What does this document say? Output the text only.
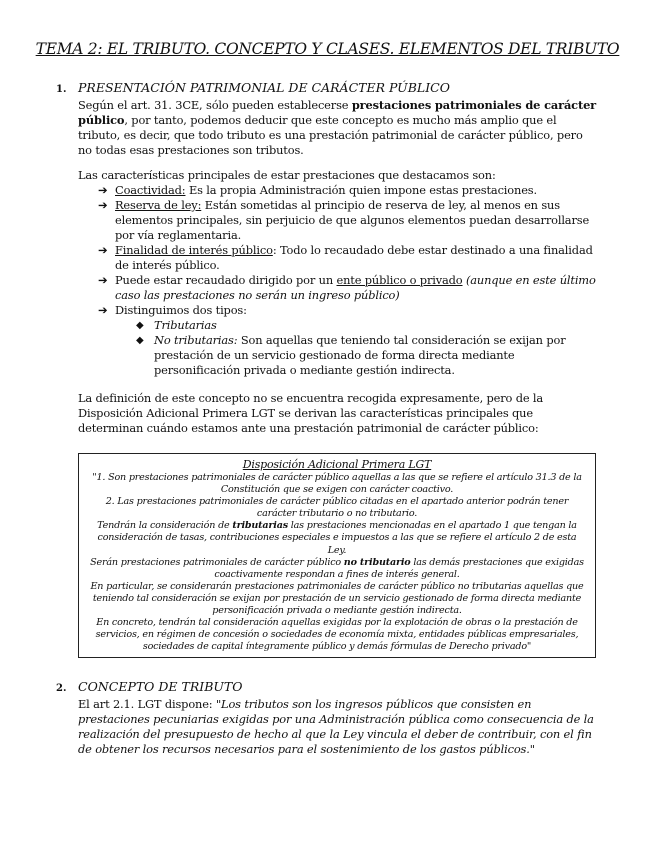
TEMA 2: EL TRIBUTO. CONCEPTO Y CLASES. ELEMENTOS DEL TRIBUTO
1. PRESENTACIÓN PATRIMONIAL DE CARÁCTER PÚBLICO
Según el art. 31. 3CE, sólo pueden establecerse prestaciones patrimoniales de carácter público, por tanto, podemos deducir que este concepto es mucho más amplio que el tributo, es decir, que todo tributo es una prestación patrimonial de carácter público, pero no todas esas prestaciones son tributos.
Las características principales de estar prestaciones que destacamos son:
➔ Coactividad: Es la propia Administración quien impone estas prestaciones.
➔ Reserva de ley: Están sometidas al principio de reserva de ley, al menos en sus elementos principales, sin perjuicio de que algunos elementos puedan desarrollarse por vía reglamentaria.
➔ Finalidad de interés público: Todo lo recaudado debe estar destinado a una finalidad de interés público.
➔ Puede estar recaudado dirigido por un ente público o privado (aunque en este último caso las prestaciones no serán un ingreso público)
➔ Distinguimos dos tipos:
◆ Tributarias
◆ No tributarias: Son aquellas que teniendo tal consideración se exijan por prestación de un servicio gestionado de forma directa mediante personificación privada o mediante gestión indirecta.
La definición de este concepto no se encuentra recogida expresamente, pero de la Disposición Adicional Primera LGT se derivan las características principales que determinan cuándo estamos ante una prestación patrimonial de carácter público:
Disposición Adicional Primera LGT
"1. Son prestaciones patrimoniales de carácter público aquellas a las que se refiere el artículo 31.3 de la Constitución que se exigen con carácter coactivo.
2. Las prestaciones patrimoniales de carácter público citadas en el apartado anterior podrán tener carácter tributario o no tributario.
Tendrán la consideración de tributarias las prestaciones mencionadas en el apartado 1 que tengan la consideración de tasas, contribuciones especiales e impuestos a las que se refiere el artículo 2 de esta Ley.
Serán prestaciones patrimoniales de carácter público no tributario las demás prestaciones que exigidas coactivamente respondan a fines de interés general.
En particular, se considerarán prestaciones patrimoniales de carácter público no tributarias aquellas que teniendo tal consideración se exijan por prestación de un servicio gestionado de forma directa mediante personificación privada o mediante gestión indirecta.
En concreto, tendrán tal consideración aquellas exigidas por la explotación de obras o la prestación de servicios, en régimen de concesión o sociedades de economía mixta, entidades públicas empresariales, sociedades de capital íntegramente público y demás fórmulas de Derecho privado"
2. CONCEPTO DE TRIBUTO
El art 2.1. LGT dispone: "Los tributos son los ingresos públicos que consisten en prestaciones pecuniarias exigidas por una Administración pública como consecuencia de la realización del presupuesto de hecho al que la Ley vincula el deber de contribuir, con el fin de obtener los recursos necesarios para el sostenimiento de los gastos públicos."
